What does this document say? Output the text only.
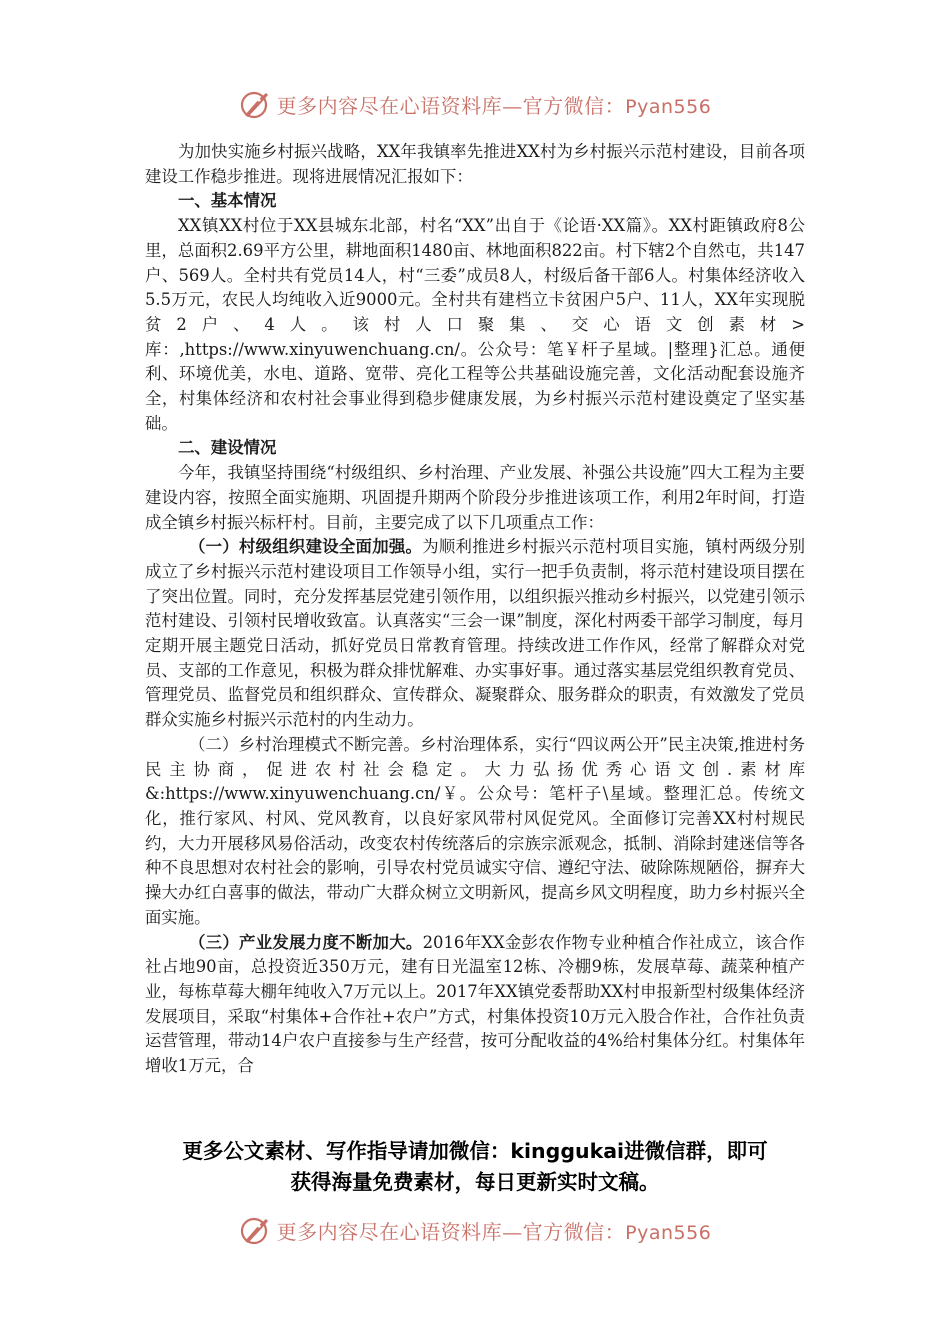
更多内容尽在心语资料库—官方微信：Pyan556

为加快实施乡村振兴战略，XX年我镇率先推进XX村为乡村振兴示范村建设，目前各项建设工作稳步推进。现将进展情况汇报如下：

一、基本情况

XX镇XX村位于XX县城东北部，村名“XX”出自于《论语·XX篇》。XX村距镇政府8公里，总面积2.69平方公里，耕地面积1480亩、林地面积822亩。村下辖2个自然屯，共147户、569人。全村共有党员14人，村“三委”成员8人，村级后备干部6人。村集体经济收入5.5万元，农民人均纯收入近9000元。全村共有建档立卡贫困户5户、11人，XX年实现脱贫2户、4人。该村人口聚集、交心语文创素材>库：,https://www.xinyuwenchuang.cn/。公众号：笔￥杆子星域。|整理}汇总。通便利、环境优美，水电、道路、宽带、亮化工程等公共基础设施完善，文化活动配套设施齐全，村集体经济和农村社会事业得到稳步健康发展，为乡村振兴示范村建设奠定了坚实基础。

二、建设情况

今年，我镇坚持围绕“村级组织、乡村治理、产业发展、补强公共设施”四大工程为主要建设内容，按照全面实施期、巩固提升期两个阶段分步推进该项工作，利用2年时间，打造成全镇乡村振兴标杆村。目前，主要完成了以下几项重点工作：

（一）村级组织建设全面加强。为顺利推进乡村振兴示范村项目实施，镇村两级分别成立了乡村振兴示范村建设项目工作领导小组，实行一把手负责制，将示范村建设项目摆在了突出位置。同时，充分发挥基层党建引领作用，以组织振兴推动乡村振兴，以党建引领示范村建设、引领村民增收致富。认真落实“三会一课”制度，深化村两委干部学习制度，每月定期开展主题党日活动，抓好党员日常教育管理。持续改进工作作风，经常了解群众对党员、支部的工作意见，积极为群众排忧解难、办实事好事。通过落实基层党组织教育党员、管理党员、监督党员和组织群众、宣传群众、凝聚群众、服务群众的职责，有效激发了党员群众实施乡村振兴示范村的内生动力。

（二）乡村治理模式不断完善。乡村治理体系，实行“四议两公开”民主决策,推进村务民主协商，促进农村社会稳定。大力弘扬优秀心语文创.素材库&:https://www.xinyuwenchuang.cn/￥。公众号：笔杆子\星域。整理汇总。传统文化，推行家风、村风、党风教育，以良好家风带村风促党风。全面修订完善XX村村规民约，大力开展移风易俗活动，改变农村传统落后的宗族宗派观念，抵制、消除封建迷信等各种不良思想对农村社会的影响，引导农村党员诚实守信、遵纪守法、破除陈规陋俗，摒弃大操大办红白喜事的做法，带动广大群众树立文明新风，提高乡风文明程度，助力乡村振兴全面实施。

（三）产业发展力度不断加大。2016年XX金彭农作物专业种植合作社成立，该合作社占地90亩，总投资近350万元，建有日光温室12栋、冷棚9栋，发展草莓、蔬菜种植产业，每栋草莓大棚年纯收入7万元以上。2017年XX镇党委帮助XX村申报新型村级集体经济发展项目，采取“村集体+合作社+农户”方式，村集体投资10万元入股合作社，合作社负责运营管理，带动14户农户直接参与生产经营，按可分配收益的4%给村集体分红。村集体年增收1万元，合

更多公文素材、写作指导请加微信：kinggukai进微信群，即可
获得海量免费素材，每日更新实时文稿。
更多内容尽在心语资料库—官方微信：Pyan556
